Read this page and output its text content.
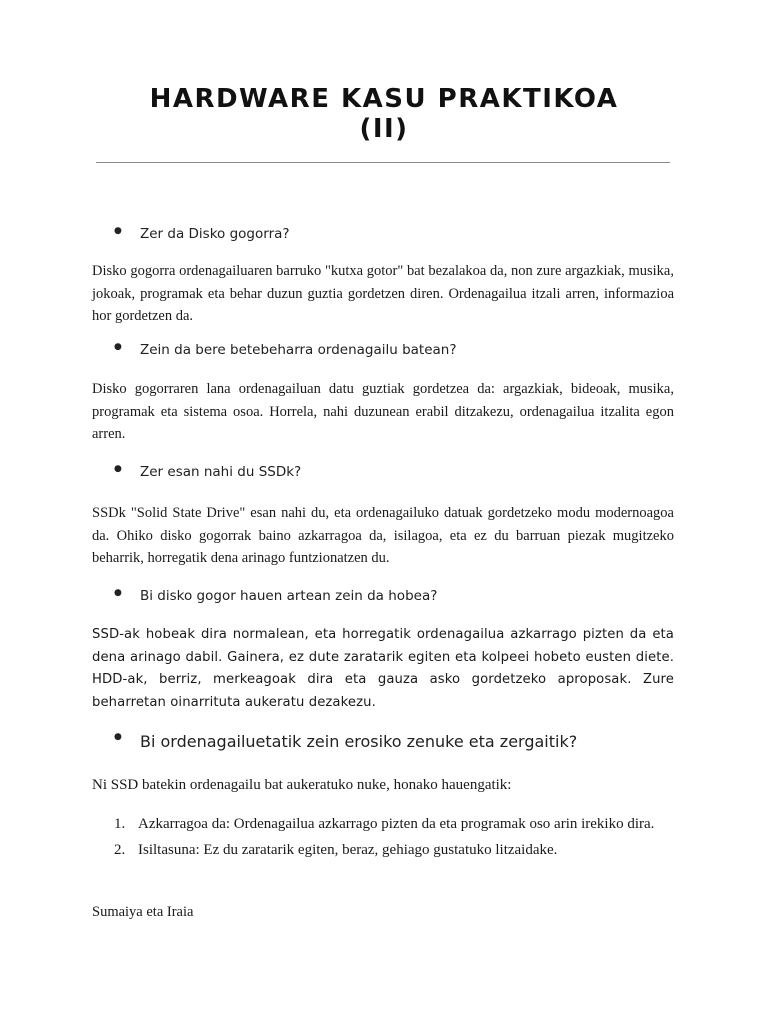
HARDWARE KASU PRAKTIKOA
(II)
● Zer da Disko gogorra?
Disko gogorra ordenagailuaren barruko "kutxa gotor" bat bezalakoa da, non zure argazkiak, musika, jokoak, programak eta behar duzun guztia gordetzen diren. Ordenagailua itzali arren, informazioa hor gordetzen da.
● Zein da bere betebeharra ordenagailu batean?
Disko gogorraren lana ordenagailuan datu guztiak gordetzea da: argazkiak, bideoak, musika, programak eta sistema osoa. Horrela, nahi duzunean erabil ditzakezu, ordenagailua itzalita egon arren.
● Zer esan nahi du SSDk?
SSDk "Solid State Drive" esan nahi du, eta ordenagailuko datuak gordetzeko modu modernoagoa da. Ohiko disko gogorrak baino azkarragoa da, isilagoa, eta ez du barruan piezak mugitzeko beharrik, horregatik dena arinago funtzionatzen du.
● Bi disko gogor hauen artean zein da hobea?
SSD-ak hobeak dira normalean, eta horregatik ordenagailua azkarrago pizten da eta dena arinago dabil. Gainera, ez dute zaratarik egiten eta kolpeei hobeto eusten diete. HDD-ak, berriz, merkeagoak dira eta gauza asko gordetzeko aproposak. Zure beharretan oinarrituta aukeratu dezakezu.
● Bi ordenagailuetatik zein erosiko zenuke eta zergaitik?
Ni SSD batekin ordenagailu bat aukeratuko nuke, honako hauengatik:
1. Azkarragoa da: Ordenagailua azkarrago pizten da eta programak oso arin irekiko dira.
2. Isiltasuna: Ez du zaratarik egiten, beraz, gehiago gustatuko litzaidake.
Sumaiya eta Iraia
